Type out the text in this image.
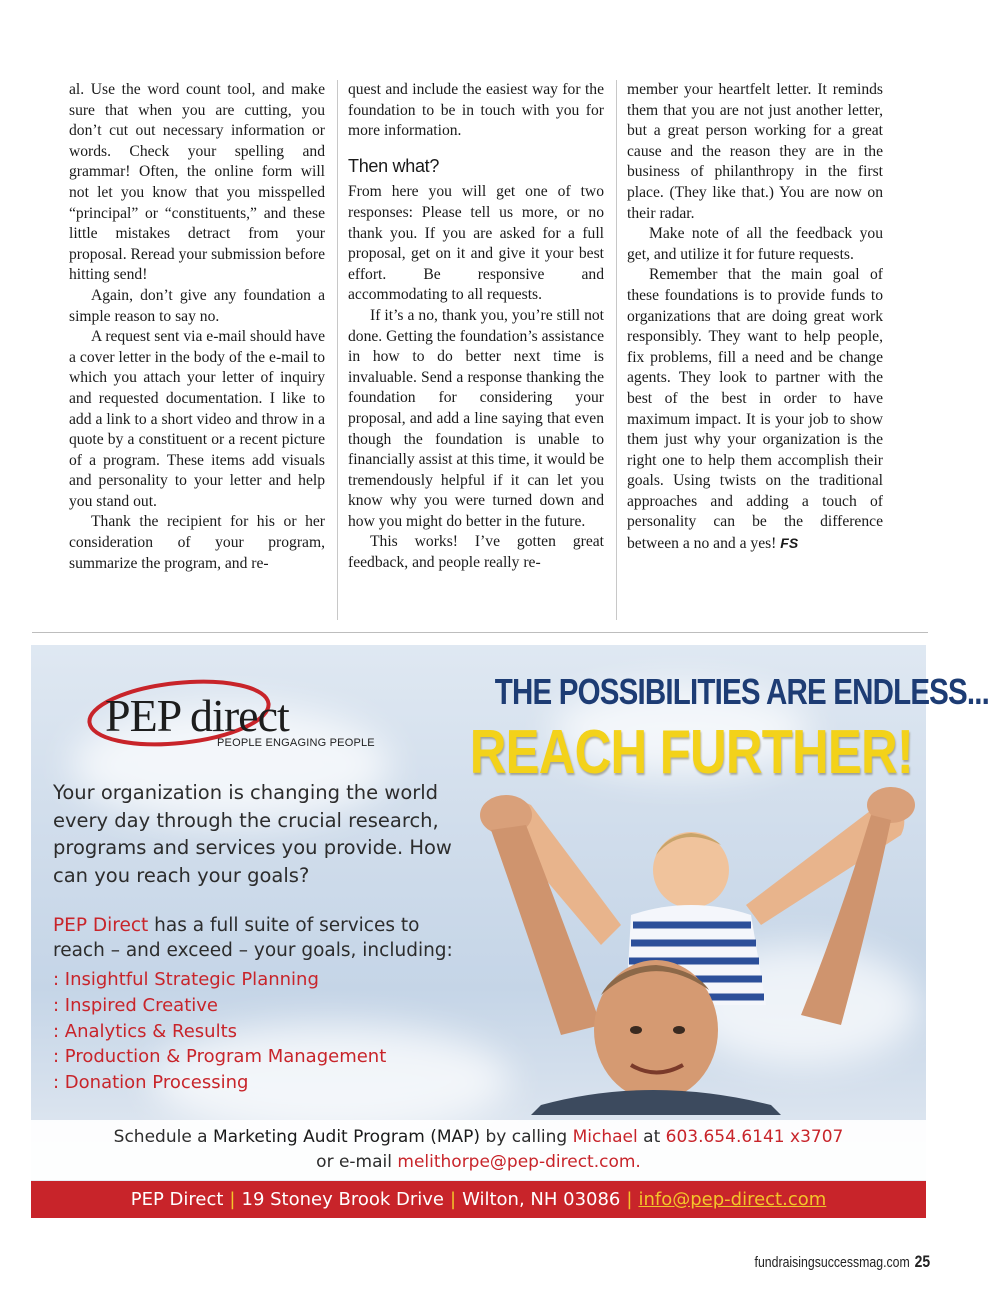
al. Use the word count tool, and make sure that when you are cutting, you don’t cut out necessary information or words. Check your spelling and grammar! Often, the online form will not let you know that you misspelled “principal” or “constituents,” and these little mistakes detract from your proposal. Reread your submission before hitting send!

Again, don’t give any foundation a simple reason to say no.

A request sent via e-mail should have a cover letter in the body of the e-mail to which you attach your letter of inquiry and requested documentation. I like to add a link to a short video and throw in a quote by a constituent or a recent picture of a program. These items add visuals and personality to your letter and help you stand out.

Thank the recipient for his or her consideration of your program, summarize the program, and re-

quest and include the easiest way for the foundation to be in touch with you for more information.

Then what?

From here you will get one of two responses: Please tell us more, or no thank you. If you are asked for a full proposal, get on it and give it your best effort. Be responsive and accommodating to all requests.

If it’s a no, thank you, you’re still not done. Getting the foundation’s assistance in how to do better next time is invaluable. Send a response thanking the foundation for considering your proposal, and add a line saying that even though the foundation is unable to financially assist at this time, it would be tremendously helpful if it can let you know why you were turned down and how you might do better in the future.

This works! I’ve gotten great feedback, and people really re-

member your heartfelt letter. It reminds them that you are not just another letter, but a great person working for a great cause and the reason they are in the business of philanthropy in the first place. (They like that.) You are now on their radar.

Make note of all the feedback you get, and utilize it for future requests.

Remember that the main goal of these foundations is to provide funds to organizations that are doing great work responsibly. They want to help people, fix problems, fill a need and be change agents. They look to partner with the best of the best in order to have maximum impact. It is your job to show them just why your organization is the right one to help them accomplish their goals. Using twists on the traditional approaches and adding a touch of personality can be the difference between a no and a yes! FS

PEP direct
PEOPLE ENGAGING PEOPLE
THE POSSIBILITIES ARE ENDLESS...
REACH FURTHER!
Your organization is changing the world every day through the crucial research, programs and services you provide. How can you reach your goals?
PEP Direct has a full suite of services to reach – and exceed – your goals, including:
: Insightful Strategic Planning
: Inspired Creative
: Analytics & Results
: Production & Program Management
: Donation Processing
Schedule a Marketing Audit Program (MAP) by calling Michael at 603.654.6141 x3707
or e-mail melithorpe@pep-direct.com.
PEP Direct | 19 Stoney Brook Drive | Wilton, NH 03086 | info@pep-direct.com
fundraisingsuccessmag.com 25
